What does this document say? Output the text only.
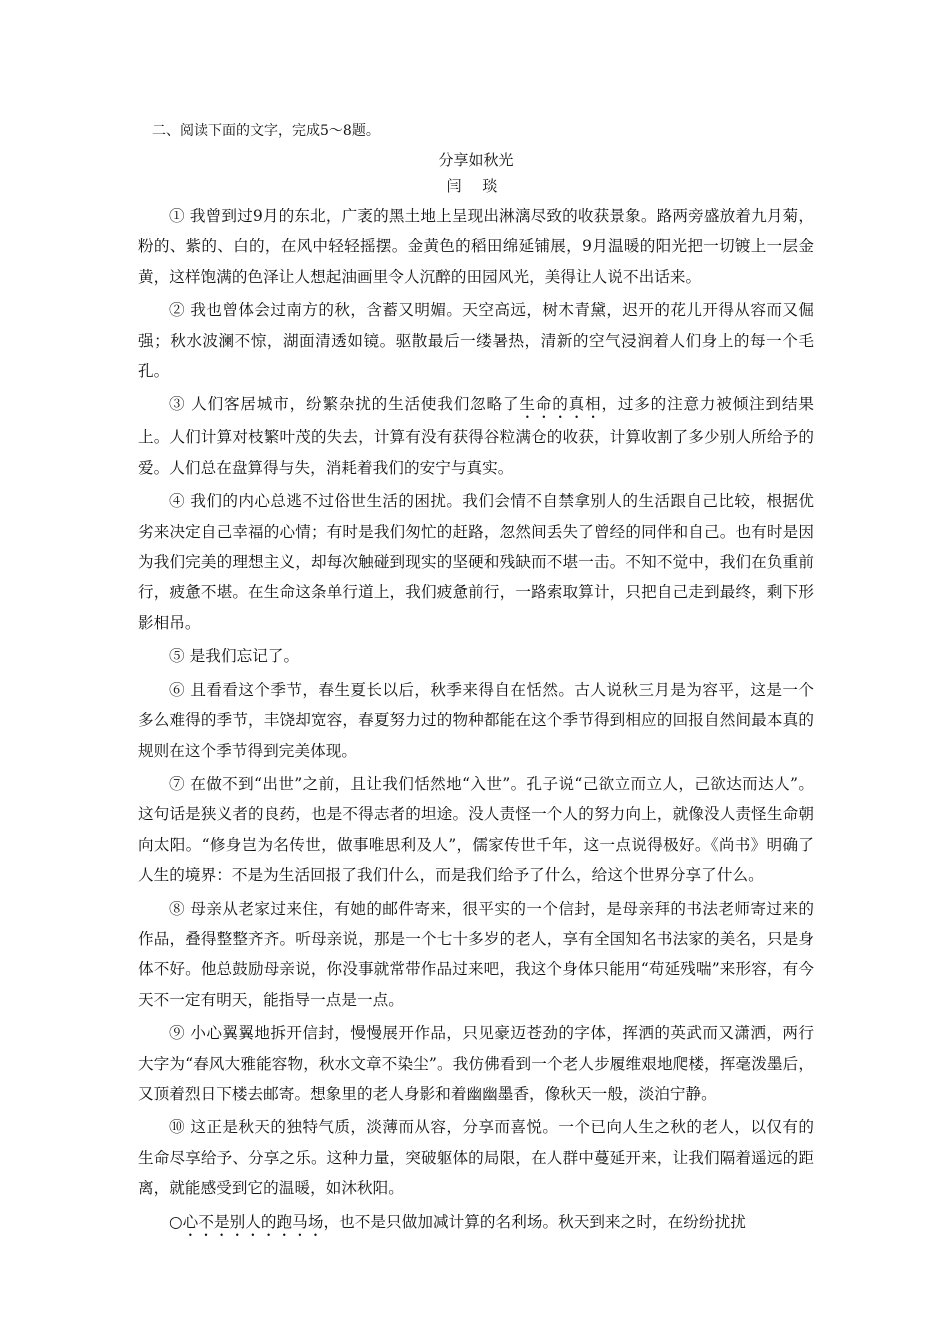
二、阅读下面的文字，完成5～8题。
分享如秋光
闫 琰

① 我曾到过9月的东北，广袤的黑土地上呈现出淋漓尽致的收获景象。路两旁盛放着九月菊，粉的、紫的、白的，在风中轻轻摇摆。金黄色的稻田绵延铺展，9月温暖的阳光把一切镀上一层金黄，这样饱满的色泽让人想起油画里令人沉醉的田园风光，美得让人说不出话来。

② 我也曾体会过南方的秋，含蓄又明媚。天空高远，树木青黛，迟开的花儿开得从容而又倔强；秋水波澜不惊，湖面清透如镜。驱散最后一缕暑热，清新的空气浸润着人们身上的每一个毛孔。

③ 人们客居城市，纷繁杂扰的生活使我们忽略了生命的真相，过多的注意力被倾注到结果上。人们计算对枝繁叶茂的失去，计算有没有获得谷粒满仓的收获，计算收割了多少别人所给予的爱。人们总在盘算得与失，消耗着我们的安宁与真实。

④ 我们的内心总逃不过俗世生活的困扰。我们会情不自禁拿别人的生活跟自己比较，根据优劣来决定自己幸福的心情；有时是我们匆忙的赶路，忽然间丢失了曾经的同伴和自己。也有时是因为我们完美的理想主义，却每次触碰到现实的坚硬和残缺而不堪一击。不知不觉中，我们在负重前行，疲惫不堪。在生命这条单行道上，我们疲惫前行，一路索取算计，只把自己走到最终，剩下形影相吊。

⑤ 是我们忘记了。

⑥ 且看看这个季节，春生夏长以后，秋季来得自在恬然。古人说秋三月是为容平，这是一个多么难得的季节，丰饶却宽容，春夏努力过的物种都能在这个季节得到相应的回报自然间最本真的规则在这个季节得到完美体现。

⑦ 在做不到“出世”之前，且让我们恬然地“入世”。孔子说“己欲立而立人，己欲达而达人”。这句话是狭义者的良药，也是不得志者的坦途。没人责怪一个人的努力向上，就像没人责怪生命朝向太阳。“修身岂为名传世，做事唯思利及人”，儒家传世千年，这一点说得极好。《尚书》明确了人生的境界：不是为生活回报了我们什么，而是我们给予了什么，给这个世界分享了什么。

⑧ 母亲从老家过来住，有她的邮件寄来，很平实的一个信封，是母亲拜的书法老师寄过来的作品，叠得整整齐齐。听母亲说，那是一个七十多岁的老人，享有全国知名书法家的美名，只是身体不好。他总鼓励母亲说，你没事就常带作品过来吧，我这个身体只能用“苟延残喘”来形容，有今天不一定有明天，能指导一点是一点。

⑨ 小心翼翼地拆开信封，慢慢展开作品，只见豪迈苍劲的字体，挥洒的英武而又潇洒，两行大字为“春风大雅能容物，秋水文章不染尘”。我仿佛看到一个老人步履维艰地爬楼，挥毫泼墨后，又顶着烈日下楼去邮寄。想象里的老人身影和着幽幽墨香，像秋天一般，淡泊宁静。

⑩ 这正是秋天的独特气质，淡薄而从容，分享而喜悦。一个已向人生之秋的老人，以仅有的生命尽享给予、分享之乐。这种力量，突破躯体的局限，在人群中蔓延开来，让我们隔着遥远的距离，就能感受到它的温暖，如沐秋阳。

○心不是别人的跑马场，也不是只做加减计算的名利场。秋天到来之时，在纷纷扰扰
